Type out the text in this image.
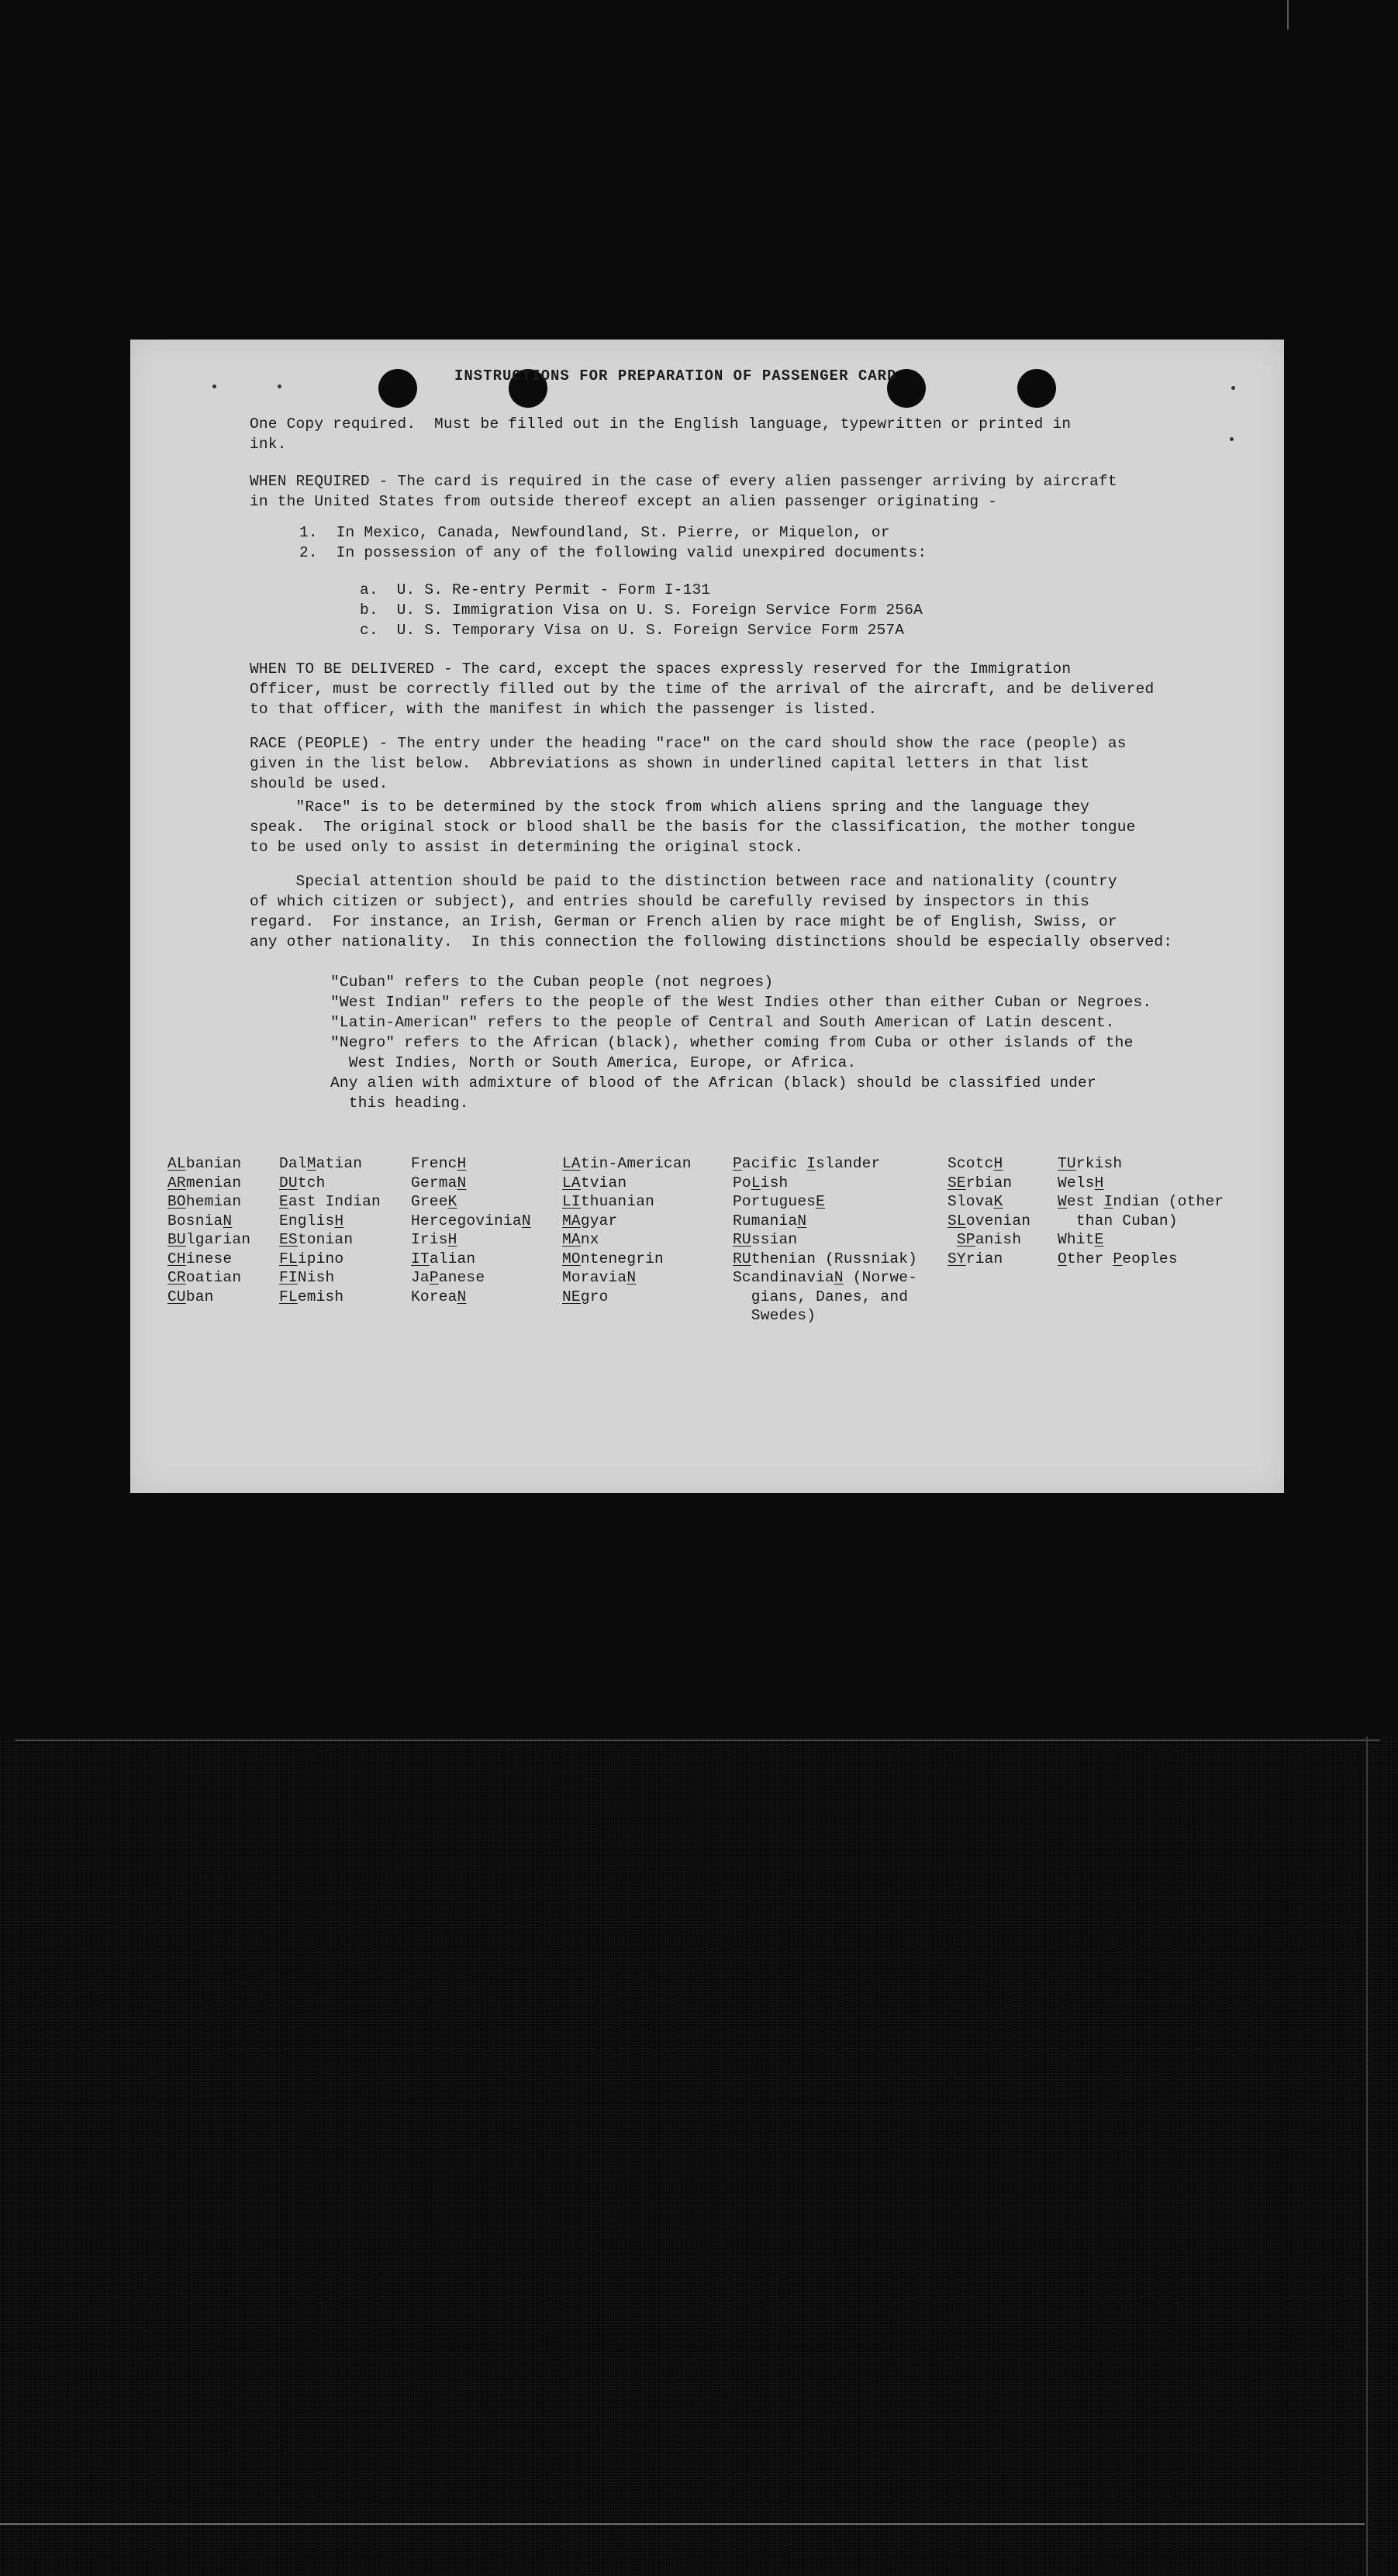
INSTRUCTIONS FOR PREPARATION OF PASSENGER CARD
One Copy required.  Must be filled out in the English language, typewritten or printed in
ink.
WHEN REQUIRED - The card is required in the case of every alien passenger arriving by aircraft
in the United States from outside thereof except an alien passenger originating -
1.  In Mexico, Canada, Newfoundland, St. Pierre, or Miquelon, or
2.  In possession of any of the following valid unexpired documents:
a.  U. S. Re-entry Permit - Form I-131
b.  U. S. Immigration Visa on U. S. Foreign Service Form 256A
c.  U. S. Temporary Visa on U. S. Foreign Service Form 257A
WHEN TO BE DELIVERED - The card, except the spaces expressly reserved for the Immigration
Officer, must be correctly filled out by the time of the arrival of the aircraft, and be delivered
to that officer, with the manifest in which the passenger is listed.
RACE (PEOPLE) - The entry under the heading "race" on the card should show the race (people) as
given in the list below.  Abbreviations as shown in underlined capital letters in that list
should be used.
"Race" is to be determined by the stock from which aliens spring and the language they
speak.  The original stock or blood shall be the basis for the classification, the mother tongue
to be used only to assist in determining the original stock.
Special attention should be paid to the distinction between race and nationality (country
of which citizen or subject), and entries should be carefully revised by inspectors in this
regard.  For instance, an Irish, German or French alien by race might be of English, Swiss, or
any other nationality.  In this connection the following distinctions should be especially observed:
"Cuban" refers to the Cuban people (not negroes)
"West Indian" refers to the people of the West Indies other than either Cuban or Negroes.
"Latin-American" refers to the people of Central and South American of Latin descent.
"Negro" refers to the African (black), whether coming from Cuba or other islands of the
West Indies, North or South America, Europe, or Africa.
Any alien with admixture of blood of the African (black) should be classified under
this heading.
ALbanian
ARmenian
BOhemian
BosniaN
BUlgarian
CHinese
CRoatian
CUban
DalMatian
DUtch
East Indian
EnglisH
EStonian
FLipino
FINish
FLemish
FrencH
GermaN
GreeK
HercegoviniaN
IrisH
ITalian
JaPanese
KoreaN
LAtin-American
LAtvian
LIthuanian
MAgyar
MAnx
MOntenegrin
MoraviaN
NEgro
Pacific Islander
PoLish
PortuguesE
RumaniaN
RUssian
RUthenian (Russniak)
ScandinaviaN (Norwe-
gians, Danes, and
Swedes)
ScotcH
SErbian
SlovaK
SLovenian
SPanish
SYrian
TUrkish
WelsH
West Indian (other
than Cuban)
WhitE
Other Peoples
